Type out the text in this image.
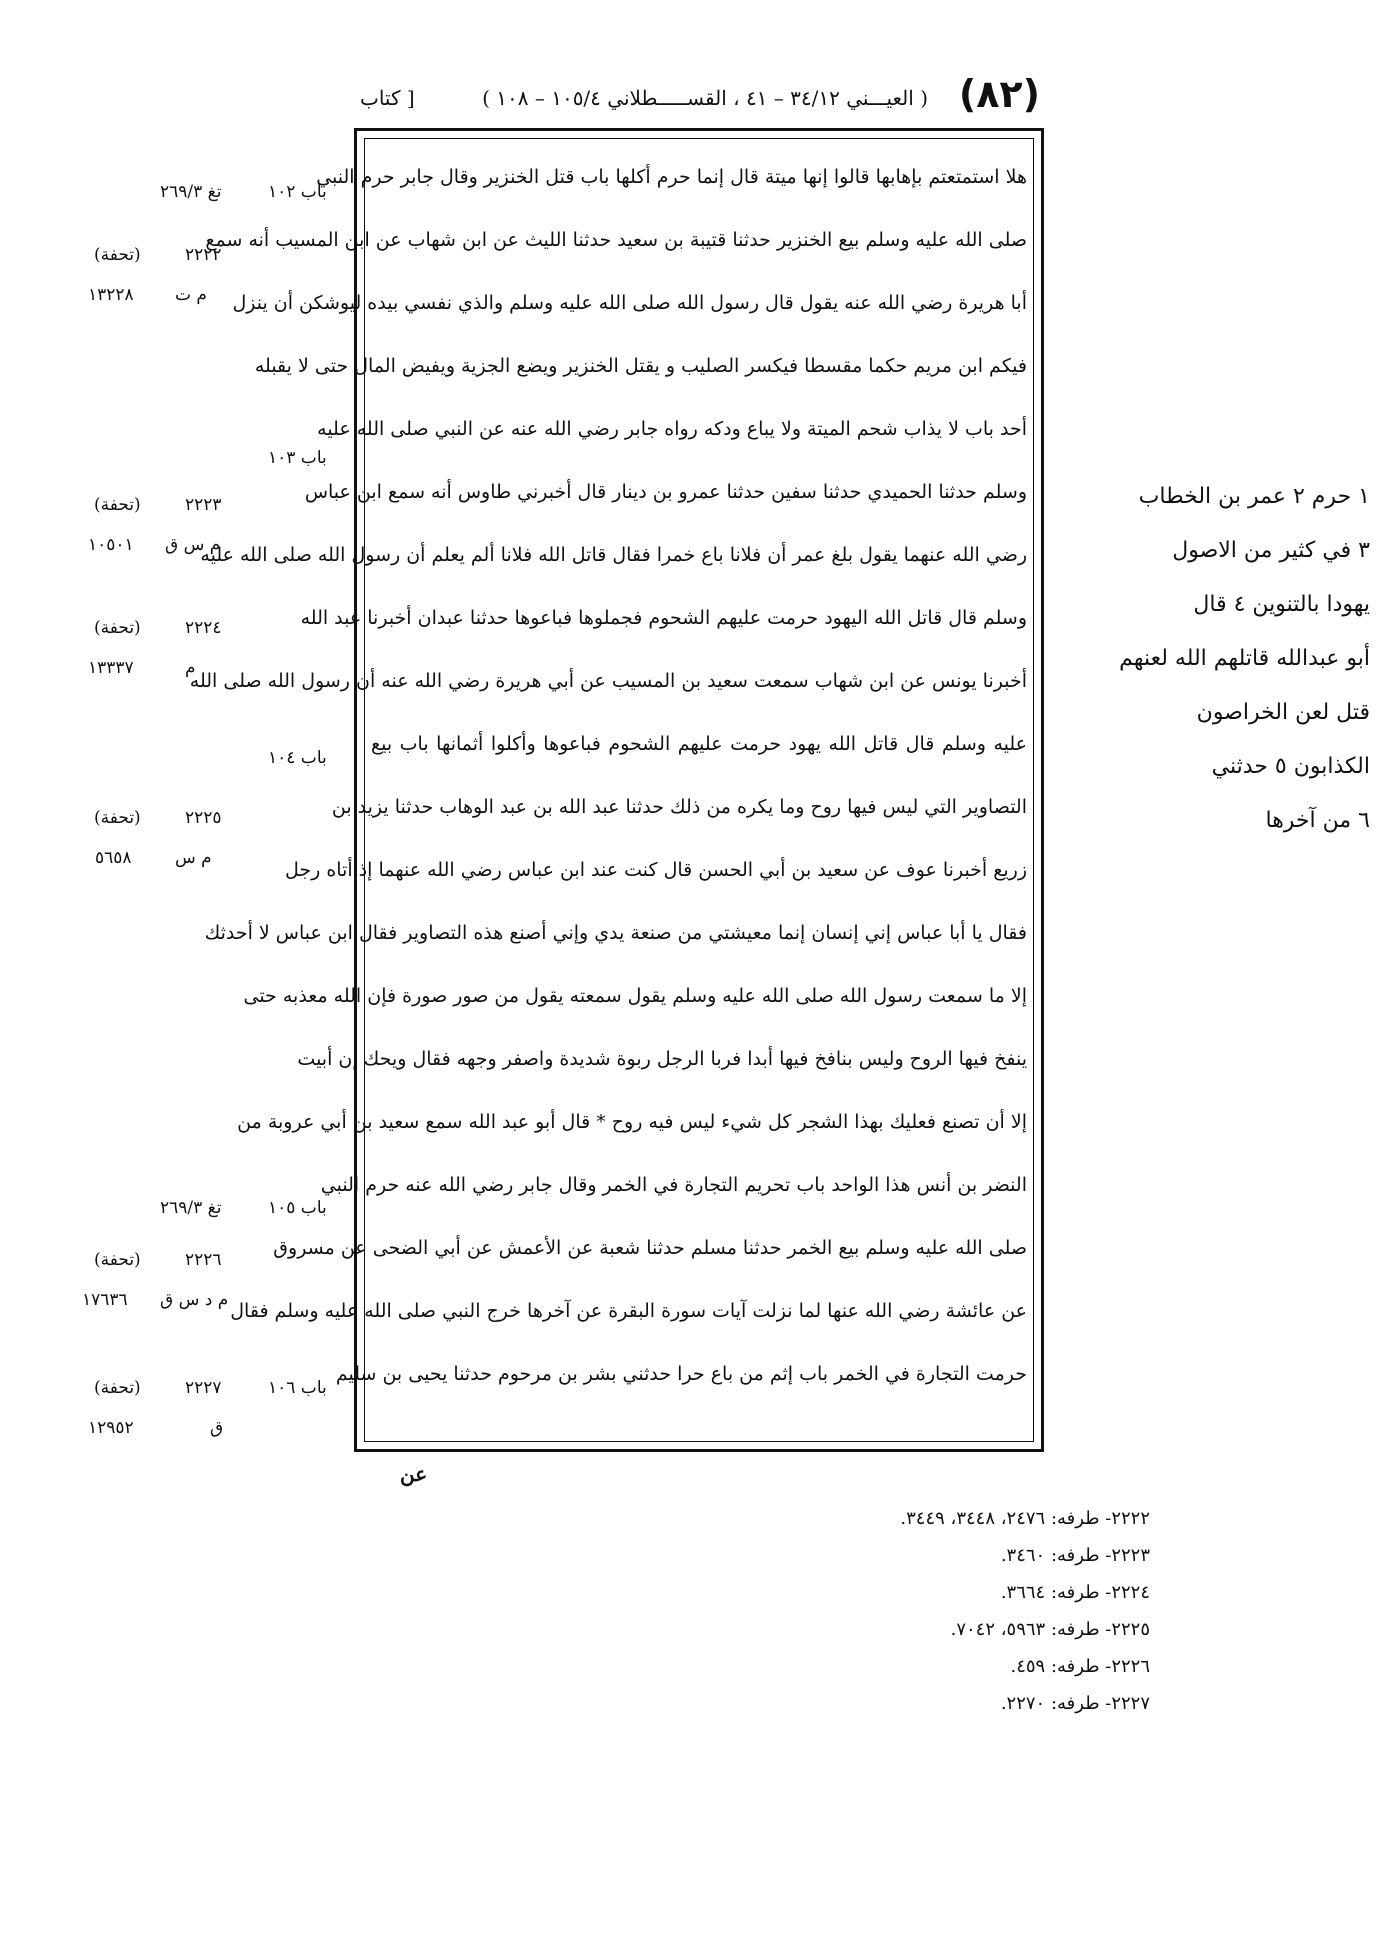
(٨٢)
( العيـــني ٣٤/١٢ – ٤١ ، القســـــطلاني ١٠٥/٤ – ١٠٨ )
[ كتاب
هلا استمتعتم بإهابها قالوا إنها ميتة قال إنما حرم أكلها باب قتل الخنزير وقال جابر حرم النبي
صلى الله عليه وسلم بيع الخنزير حدثنا قتيبة بن سعيد حدثنا الليث عن ابن شهاب عن ابن المسيب أنه سمع
أبا هريرة رضي الله عنه يقول قال رسول الله صلى الله عليه وسلم والذي نفسي بيده ليوشكن أن ينزل
فيكم ابن مريم حكما مقسطا فيكسر الصليب و يقتل الخنزير ويضع الجزية ويفيض المال حتى لا يقبله
أحد باب لا يذاب شحم الميتة ولا يباع ودكه رواه جابر رضي الله عنه عن النبي صلى الله عليه
وسلم حدثنا الحميدي حدثنا سفين حدثنا عمرو بن دينار قال أخبرني طاوس أنه سمع ابن عباس
رضي الله عنهما يقول بلغ عمر أن فلانا باع خمرا فقال قاتل الله فلانا ألم يعلم أن رسول الله صلى الله عليه
وسلم قال قاتل الله اليهود حرمت عليهم الشحوم فجملوها فباعوها حدثنا عبدان أخبرنا عبد الله
أخبرنا يونس عن ابن شهاب سمعت سعيد بن المسيب عن أبي هريرة رضي الله عنه أن رسول الله صلى الله
عليه وسلم قال قاتل الله يهود حرمت عليهم الشحوم فباعوها وأكلوا أثمانها باب بيع
التصاوير التي ليس فيها روح وما يكره من ذلك حدثنا عبد الله بن عبد الوهاب حدثنا يزيد بن
زريع أخبرنا عوف عن سعيد بن أبي الحسن قال كنت عند ابن عباس رضي الله عنهما إذ أتاه رجل
فقال يا أبا عباس إني إنسان إنما معيشتي من صنعة يدي وإني أصنع هذه التصاوير فقال ابن عباس لا أحدثك
إلا ما سمعت رسول الله صلى الله عليه وسلم يقول سمعته يقول من صور صورة فإن الله معذبه حتى
ينفخ فيها الروح وليس بنافخ فيها أبدا فربا الرجل ربوة شديدة واصفر وجهه فقال ويحك إن أبيت
إلا أن تصنع فعليك بهذا الشجر كل شيء ليس فيه روح * قال أبو عبد الله سمع سعيد بن أبي عروبة من
النضر بن أنس هذا الواحد باب تحريم التجارة في الخمر وقال جابر رضي الله عنه حرم النبي
صلى الله عليه وسلم بيع الخمر حدثنا مسلم حدثنا شعبة عن الأعمش عن أبي الضحى عن مسروق
عن عائشة رضي الله عنها لما نزلت آيات سورة البقرة عن آخرها خرج النبي صلى الله عليه وسلم فقال
حرمت التجارة في الخمر باب إثم من باع حرا حدثني بشر بن مرحوم حدثنا يحيى بن سليم
عن
باب ١٠٢
تغ ٢٦٩/٣
٢٢٢٢
(تحفة)
م ت
١٣٢٢٨
باب ١٠٣
٢٢٢٣
(تحفة)
م س ق
١٠٥٠١
٢٢٢٤
(تحفة)
م
١٣٣٣٧
باب ١٠٤
٢٢٢٥
(تحفة)
م س
٥٦٥٨
باب ١٠٥
تغ ٢٦٩/٣
٢٢٢٦
(تحفة)
م د س ق
١٧٦٣٦
باب ١٠٦
٢٢٢٧
(تحفة)
ق
١٢٩٥٢
١ حرم ٢ عمر بن الخطاب
٣ في كثير من الاصول
يهودا بالتنوين ٤ قال
أبو عبدالله قاتلهم الله لعنهم
قتل لعن الخراصون
الكذابون ٥ حدثني
٦ من آخرها
٢٢٢٢- طرفه: ٢٤٧٦، ٣٤٤٨، ٣٤٤٩.
٢٢٢٣- طرفه: ٣٤٦٠.
٢٢٢٤- طرفه: ٣٦٦٤.
٢٢٢٥- طرفه: ٥٩٦٣، ٧٠٤٢.
٢٢٢٦- طرفه: ٤٥٩.
٢٢٢٧- طرفه: ٢٢٧٠.
